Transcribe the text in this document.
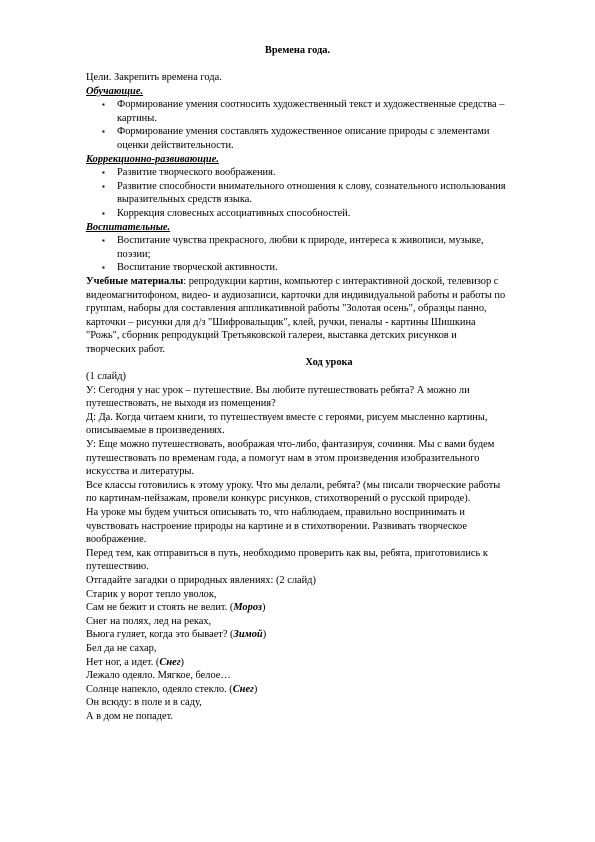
Времена года.
Цели. Закрепить времена года.
Обучающие.
▪ Формирование умения соотносить художественный текст и художественные средства –
картины.
▪ Формирование умения составлять художественное описание природы с элементами
оценки действительности.
Коррекционно-развивающие.
▪ Развитие творческого воображения.
▪ Развитие способности внимательного отношения к слову, сознательного использования
выразительных средств языка.
▪ Коррекция словесных ассоциативных способностей.
Воспитательные.
▪ Воспитание чувства прекрасного, любви к природе, интереса к живописи, музыке,
поэзии;
▪ Воспитание творческой активности.
Учебные материалы: репродукции картин, компьютер с интерактивной доской, телевизор с
видеомагнитофоном, видео- и аудиозаписи, карточки для индивидуальной работы и работы по
группам, наборы для составления аппликативной работы "Золотая осень", образцы панно,
карточки – рисунки для д/з "Шифровальщик", клей, ручки, пеналы - картины Шишкина
"Рожь", сборник репродукций Третьяковской галереи, выставка детских рисунков и
творческих работ.
Ход урока
(1 слайд)
У: Сегодня у нас урок – путешествие. Вы любите путешествовать ребята? А можно ли
путешествовать, не выходя из помещения?
Д: Да. Когда читаем книги, то путешествуем вместе с героями, рисуем мысленно картины,
описываемые в произведениях.
У: Еще можно путешествовать, воображая что-либо, фантазируя, сочиняя. Мы с вами будем
путешествовать по временам года, а помогут нам в этом произведения изобразительного
искусства и литературы.
Все классы готовились к этому уроку. Что мы делали, ребята? (мы писали творческие работы
по картинам-пейзажам, провели конкурс рисунков, стихотворений о русской природе).
На уроке мы будем учиться описывать то, что наблюдаем, правильно воспринимать и
чувствовать настроение природы на картине и в стихотворении. Развивать творческое
воображение.
Перед тем, как отправиться в путь, необходимо проверить как вы, ребята, приготовились к
путешествию.
Отгадайте загадки о природных явлениях: (2 слайд)
Старик у ворот тепло уволок,
Сам не бежит и стоять не велит. (Мороз)
Снег на полях, лед на реках,
Вьюга гуляет, когда это бывает? (Зимой)
Бел да не сахар,
Нет ног, а идет. (Снег)
Лежало одеяло. Мягкое, белое…
Солнце напекло, одеяло стекло. (Снег)
Он всюду: в поле и в саду,
А в дом не попадет.
